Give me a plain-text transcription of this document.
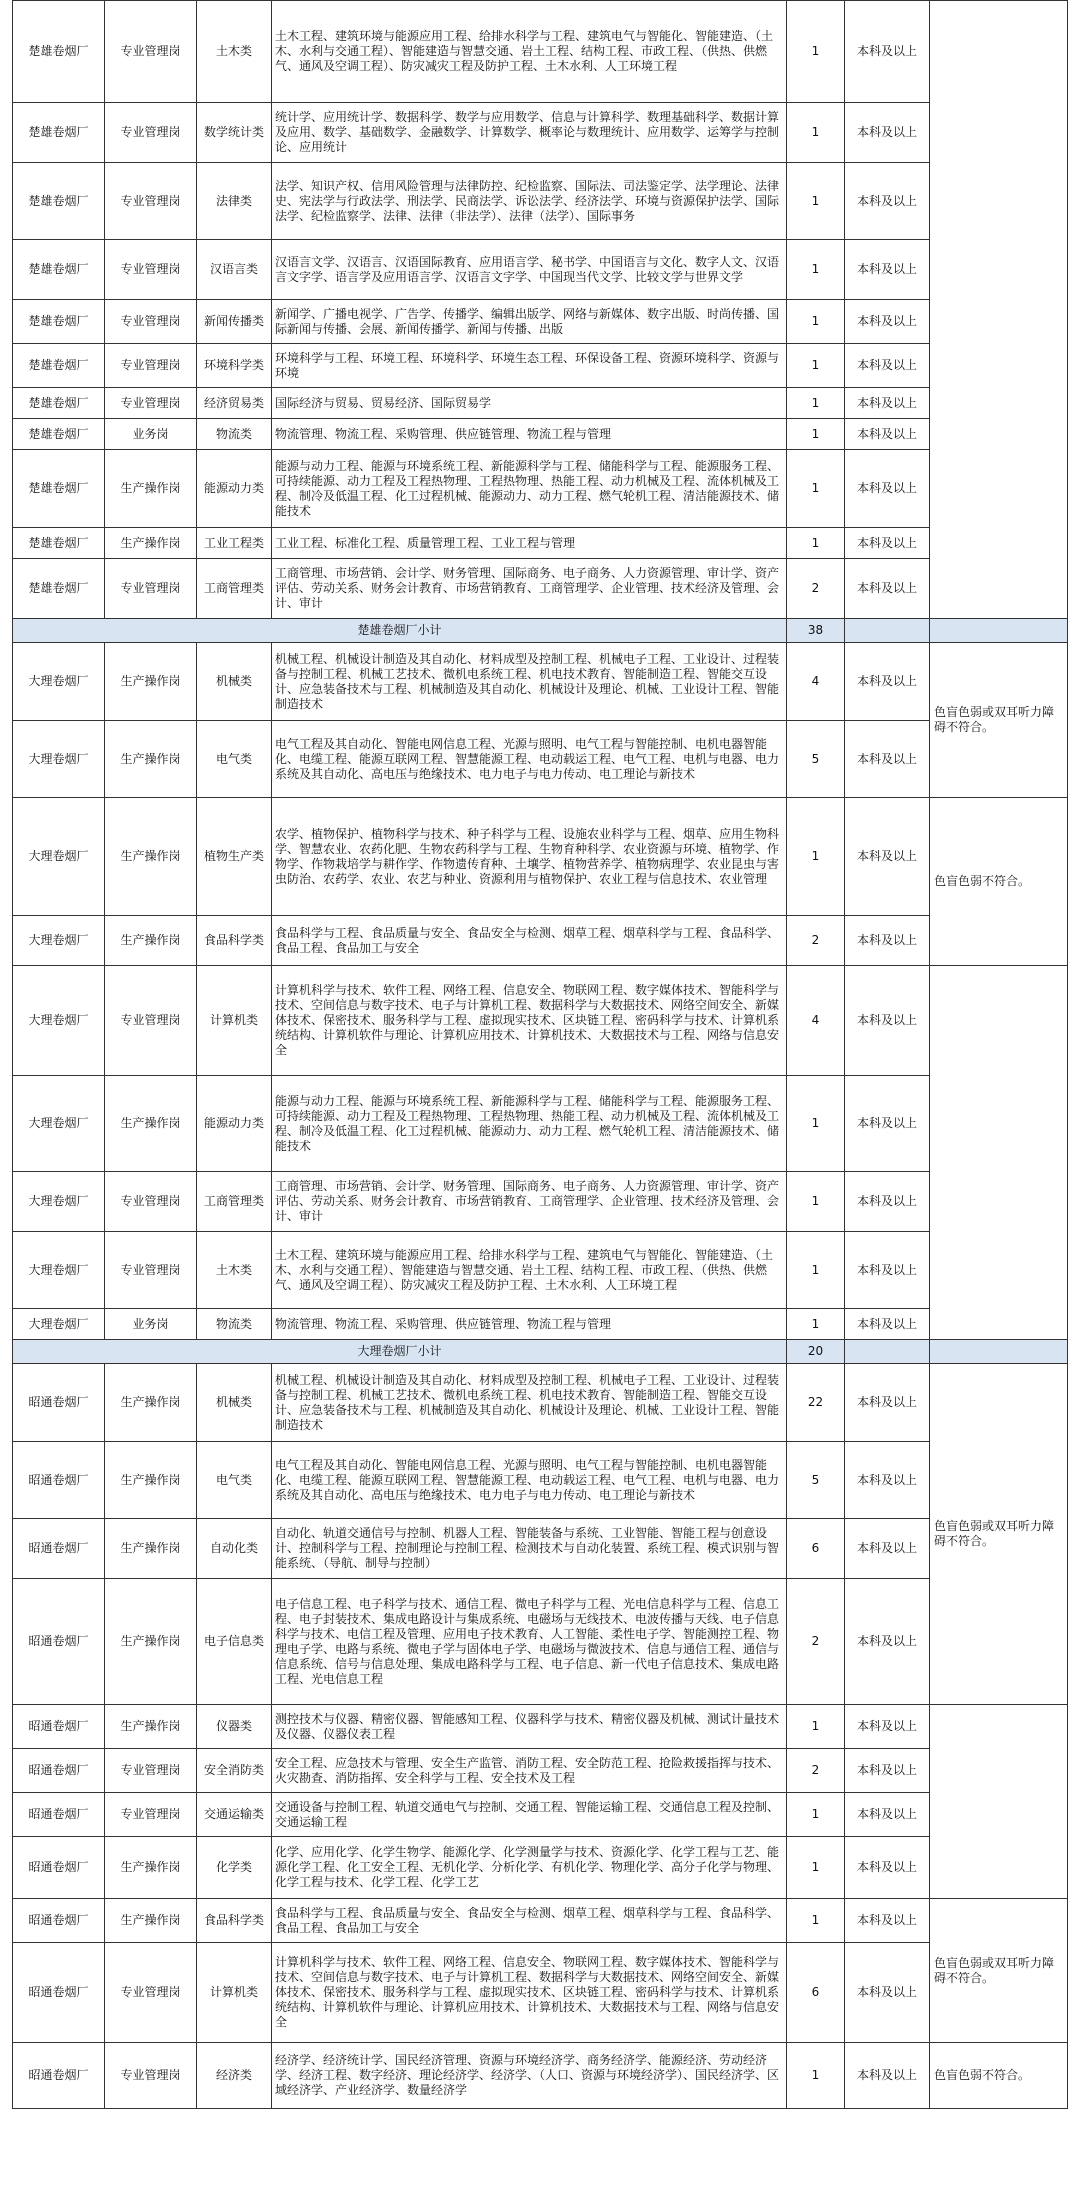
楚雄卷烟厂	专业管理岗	土木类	土木工程、建筑环境与能源应用工程、给排水科学与工程、建筑电气与智能化、智能建造、（土木、水利与交通工程）、智能建造与智慧交通、岩土工程、结构工程、市政工程、（供热、供燃气、通风及空调工程）、防灾减灾工程及防护工程、土木水利、人工环境工程	1	本科及以上	
楚雄卷烟厂	专业管理岗	数学统计类	统计学、应用统计学、数据科学、数学与应用数学、信息与计算科学、数理基础科学、数据计算及应用、数学、基础数学、金融数学、计算数学、概率论与数理统计、应用数学、运筹学与控制论、应用统计	1	本科及以上	
楚雄卷烟厂	专业管理岗	法律类	法学、知识产权、信用风险管理与法律防控、纪检监察、国际法、司法鉴定学、法学理论、法律史、宪法学与行政法学、刑法学、民商法学、诉讼法学、经济法学、环境与资源保护法学、国际法学、纪检监察学、法律、法律（非法学）、法律（法学）、国际事务	1	本科及以上	
楚雄卷烟厂	专业管理岗	汉语言类	汉语言文学、汉语言、汉语国际教育、应用语言学、秘书学、中国语言与文化、数字人文、汉语言文字学、语言学及应用语言学、汉语言文字学、中国现当代文学、比较文学与世界文学	1	本科及以上	
楚雄卷烟厂	专业管理岗	新闻传播类	新闻学、广播电视学、广告学、传播学、编辑出版学、网络与新媒体、数字出版、时尚传播、国际新闻与传播、会展、新闻传播学、新闻与传播、出版	1	本科及以上	
楚雄卷烟厂	专业管理岗	环境科学类	环境科学与工程、环境工程、环境科学、环境生态工程、环保设备工程、资源环境科学、资源与环境	1	本科及以上	
楚雄卷烟厂	专业管理岗	经济贸易类	国际经济与贸易、贸易经济、国际贸易学	1	本科及以上	
楚雄卷烟厂	业务岗	物流类	物流管理、物流工程、采购管理、供应链管理、物流工程与管理	1	本科及以上	
楚雄卷烟厂	生产操作岗	能源动力类	能源与动力工程、能源与环境系统工程、新能源科学与工程、储能科学与工程、能源服务工程、可持续能源、动力工程及工程热物理、工程热物理、热能工程、动力机械及工程、流体机械及工程、制冷及低温工程、化工过程机械、能源动力、动力工程、燃气轮机工程、清洁能源技术、储能技术	1	本科及以上	
楚雄卷烟厂	生产操作岗	工业工程类	工业工程、标准化工程、质量管理工程、工业工程与管理	1	本科及以上	
楚雄卷烟厂	专业管理岗	工商管理类	工商管理、市场营销、会计学、财务管理、国际商务、电子商务、人力资源管理、审计学、资产评估、劳动关系、财务会计教育、市场营销教育、工商管理学、企业管理、技术经济及管理、会计、审计	2	本科及以上	
楚雄卷烟厂小计				38		
大理卷烟厂	生产操作岗	机械类	机械工程、机械设计制造及其自动化、材料成型及控制工程、机械电子工程、工业设计、过程装备与控制工程、机械工艺技术、微机电系统工程、机电技术教育、智能制造工程、智能交互设计、应急装备技术与工程、机械制造及其自动化、机械设计及理论、机械、工业设计工程、智能制造技术	4	本科及以上	色盲色弱或双耳听力障碍不符合。
大理卷烟厂	生产操作岗	电气类	电气工程及其自动化、智能电网信息工程、光源与照明、电气工程与智能控制、电机电器智能化、电缆工程、能源互联网工程、智慧能源工程、电动载运工程、电气工程、电机与电器、电力系统及其自动化、高电压与绝缘技术、电力电子与电力传动、电工理论与新技术	5	本科及以上	
大理卷烟厂	生产操作岗	植物生产类	农学、植物保护、植物科学与技术、种子科学与工程、设施农业科学与工程、烟草、应用生物科学、智慧农业、农药化肥、生物农药科学与工程、生物育种科学、农业资源与环境、植物学、作物学、作物栽培学与耕作学、作物遗传育种、土壤学、植物营养学、植物病理学、农业昆虫与害虫防治、农药学、农业、农艺与种业、资源利用与植物保护、农业工程与信息技术、农业管理	1	本科及以上	色盲色弱不符合。
大理卷烟厂	生产操作岗	食品科学类	食品科学与工程、食品质量与安全、食品安全与检测、烟草工程、烟草科学与工程、食品科学、食品工程、食品加工与安全	2	本科及以上	
大理卷烟厂	专业管理岗	计算机类	计算机科学与技术、软件工程、网络工程、信息安全、物联网工程、数字媒体技术、智能科学与技术、空间信息与数字技术、电子与计算机工程、数据科学与大数据技术、网络空间安全、新媒体技术、保密技术、服务科学与工程、虚拟现实技术、区块链工程、密码科学与技术、计算机系统结构、计算机软件与理论、计算机应用技术、计算机技术、大数据技术与工程、网络与信息安全	4	本科及以上	
大理卷烟厂	生产操作岗	能源动力类	能源与动力工程、能源与环境系统工程、新能源科学与工程、储能科学与工程、能源服务工程、可持续能源、动力工程及工程热物理、工程热物理、热能工程、动力机械及工程、流体机械及工程、制冷及低温工程、化工过程机械、能源动力、动力工程、燃气轮机工程、清洁能源技术、储能技术	1	本科及以上	
大理卷烟厂	专业管理岗	工商管理类	工商管理、市场营销、会计学、财务管理、国际商务、电子商务、人力资源管理、审计学、资产评估、劳动关系、财务会计教育、市场营销教育、工商管理学、企业管理、技术经济及管理、会计、审计	1	本科及以上	
大理卷烟厂	专业管理岗	土木类	土木工程、建筑环境与能源应用工程、给排水科学与工程、建筑电气与智能化、智能建造、（土木、水利与交通工程）、智能建造与智慧交通、岩土工程、结构工程、市政工程、（供热、供燃气、通风及空调工程）、防灾减灾工程及防护工程、土木水利、人工环境工程	1	本科及以上	
大理卷烟厂	业务岗	物流类	物流管理、物流工程、采购管理、供应链管理、物流工程与管理	1	本科及以上	
大理卷烟厂小计				20		
昭通卷烟厂	生产操作岗	机械类	机械工程、机械设计制造及其自动化、材料成型及控制工程、机械电子工程、工业设计、过程装备与控制工程、机械工艺技术、微机电系统工程、机电技术教育、智能制造工程、智能交互设计、应急装备技术与工程、机械制造及其自动化、机械设计及理论、机械、工业设计工程、智能制造技术	22	本科及以上	色盲色弱或双耳听力障碍不符合。
昭通卷烟厂	生产操作岗	电气类	电气工程及其自动化、智能电网信息工程、光源与照明、电气工程与智能控制、电机电器智能化、电缆工程、能源互联网工程、智慧能源工程、电动载运工程、电气工程、电机与电器、电力系统及其自动化、高电压与绝缘技术、电力电子与电力传动、电工理论与新技术	5	本科及以上	
昭通卷烟厂	生产操作岗	自动化类	自动化、轨道交通信号与控制、机器人工程、智能装备与系统、工业智能、智能工程与创意设计、控制科学与工程、控制理论与控制工程、检测技术与自动化装置、系统工程、模式识别与智能系统、（导航、制导与控制）	6	本科及以上	
昭通卷烟厂	生产操作岗	电子信息类	电子信息工程、电子科学与技术、通信工程、微电子科学与工程、光电信息科学与工程、信息工程、电子封装技术、集成电路设计与集成系统、电磁场与无线技术、电波传播与天线、电子信息科学与技术、电信工程及管理、应用电子技术教育、人工智能、柔性电子学、智能测控工程、物理电子学、电路与系统、微电子学与固体电子学、电磁场与微波技术、信息与通信工程、通信与信息系统、信号与信息处理、集成电路科学与工程、电子信息、新一代电子信息技术、集成电路工程、光电信息工程	2	本科及以上	
昭通卷烟厂	生产操作岗	仪器类	测控技术与仪器、精密仪器、智能感知工程、仪器科学与技术、精密仪器及机械、测试计量技术及仪器、仪器仪表工程	1	本科及以上	
昭通卷烟厂	专业管理岗	安全消防类	安全工程、应急技术与管理、安全生产监管、消防工程、安全防范工程、抢险救援指挥与技术、火灾勘查、消防指挥、安全科学与工程、安全技术及工程	2	本科及以上	
昭通卷烟厂	专业管理岗	交通运输类	交通设备与控制工程、轨道交通电气与控制、交通工程、智能运输工程、交通信息工程及控制、交通运输工程	1	本科及以上	
昭通卷烟厂	生产操作岗	化学类	化学、应用化学、化学生物学、能源化学、化学测量学与技术、资源化学、化学工程与工艺、能源化学工程、化工安全工程、无机化学、分析化学、有机化学、物理化学、高分子化学与物理、化学工程与技术、化学工程、化学工艺	1	本科及以上	
昭通卷烟厂	生产操作岗	食品科学类	食品科学与工程、食品质量与安全、食品安全与检测、烟草工程、烟草科学与工程、食品科学、食品工程、食品加工与安全	1	本科及以上	色盲色弱或双耳听力障碍不符合。
昭通卷烟厂	专业管理岗	计算机类	计算机科学与技术、软件工程、网络工程、信息安全、物联网工程、数字媒体技术、智能科学与技术、空间信息与数字技术、电子与计算机工程、数据科学与大数据技术、网络空间安全、新媒体技术、保密技术、服务科学与工程、虚拟现实技术、区块链工程、密码科学与技术、计算机系统结构、计算机软件与理论、计算机应用技术、计算机技术、大数据技术与工程、网络与信息安全	6	本科及以上	
昭通卷烟厂	专业管理岗	经济类	经济学、经济统计学、国民经济管理、资源与环境经济学、商务经济学、能源经济、劳动经济学、经济工程、数字经济、理论经济学、经济学、（人口、资源与环境经济学）、国民经济学、区域经济学、产业经济学、数量经济学	1	本科及以上	色盲色弱不符合。
